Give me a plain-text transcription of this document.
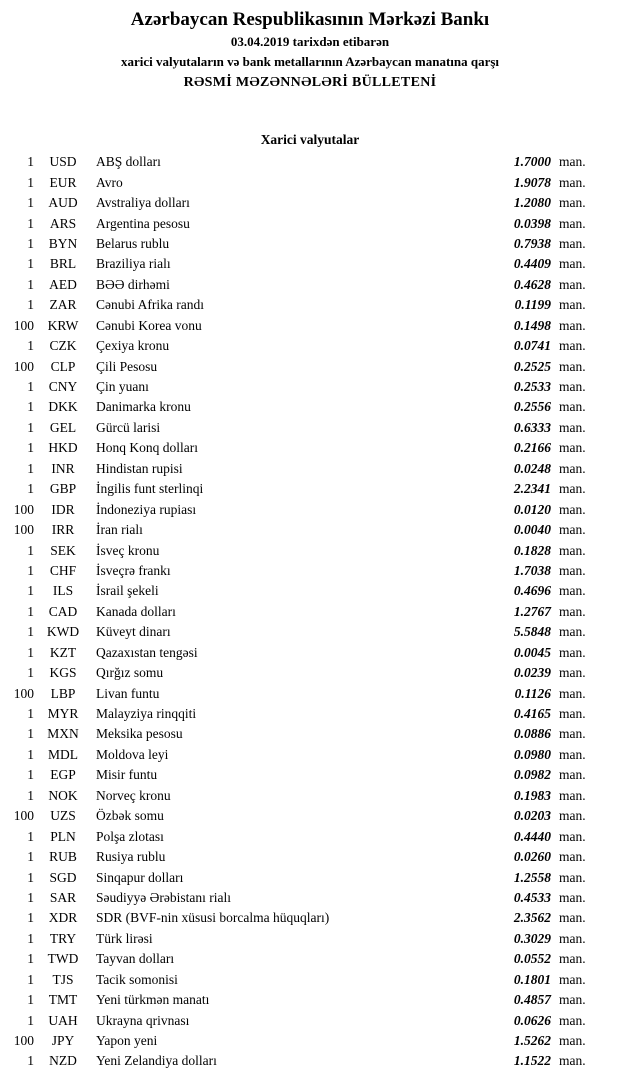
Azərbaycan Respublikasının Mərkəzi Bankı
03.04.2019 tarixdən etibarən
xarici valyutaların və bank metallarının Azərbaycan manatına qarşı
RƏSMİ MƏZƏNNƏLƏRİ BÜLLETENİ
Xarici valyutalar
1	USD	ABŞ dolları	1.7000 man.
1	EUR	Avro	1.9078 man.
1	AUD	Avstraliya dolları	1.2080 man.
1	ARS	Argentina pesosu	0.0398 man.
1	BYN	Belarus rublu	0.7938 man.
1	BRL	Braziliya rialı	0.4409 man.
1	AED	BƏƏ dirhəmi	0.4628 man.
1	ZAR	Cənubi Afrika randı	0.1199 man.
100	KRW	Cənubi Korea vonu	0.1498 man.
1	CZK	Çexiya kronu	0.0741 man.
100	CLP	Çili Pesosu	0.2525 man.
1	CNY	Çin yuanı	0.2533 man.
1	DKK	Danimarka kronu	0.2556 man.
1	GEL	Gürcü larisi	0.6333 man.
1	HKD	Honq Konq dolları	0.2166 man.
1	INR	Hindistan rupisi	0.0248 man.
1	GBP	İngilis funt sterlinqi	2.2341 man.
100	IDR	İndoneziya rupiası	0.0120 man.
100	IRR	İran rialı	0.0040 man.
1	SEK	İsveç kronu	0.1828 man.
1	CHF	İsveçrə frankı	1.7038 man.
1	ILS	İsrail şekeli	0.4696 man.
1	CAD	Kanada dolları	1.2767 man.
1 KWD	Küveyt dinarı	5.5848 man.
1	KZT	Qazaxıstan tengəsi	0.0045 man.
1	KGS	Qırğız somu	0.0239 man.
100	LBP	Livan funtu	0.1126 man.
1	MYR	Malayziya rinqqiti	0.4165 man.
1 MXN	Meksika pesosu	0.0886 man.
1	MDL	Moldova leyi	0.0980 man.
1	EGP	Misir funtu	0.0982 man.
1	NOK	Norveç kronu	0.1983 man.
100	UZS	Özbək somu	0.0203 man.
1	PLN	Polşa zlotası	0.4440 man.
1	RUB	Rusiya rublu	0.0260 man.
1	SGD	Sinqapur dolları	1.2558 man.
1	SAR	Səudiyyə Ərəbistanı rialı	0.4533 man.
1	XDR	SDR (BVF-nin xüsusi borcalma hüquqları)	2.3562 man.
1	TRY	Türk lirəsi	0.3029 man.
1	TWD	Tayvan dolları	0.0552 man.
1	TJS	Tacik somonisi	0.1801 man.
1	TMT	Yeni türkmən manatı	0.4857 man.
1	UAH	Ukrayna qrivnası	0.0626 man.
100	JPY	Yapon yeni	1.5262 man.
1	NZD	Yeni Zelandiya dolları	1.1522 man.
